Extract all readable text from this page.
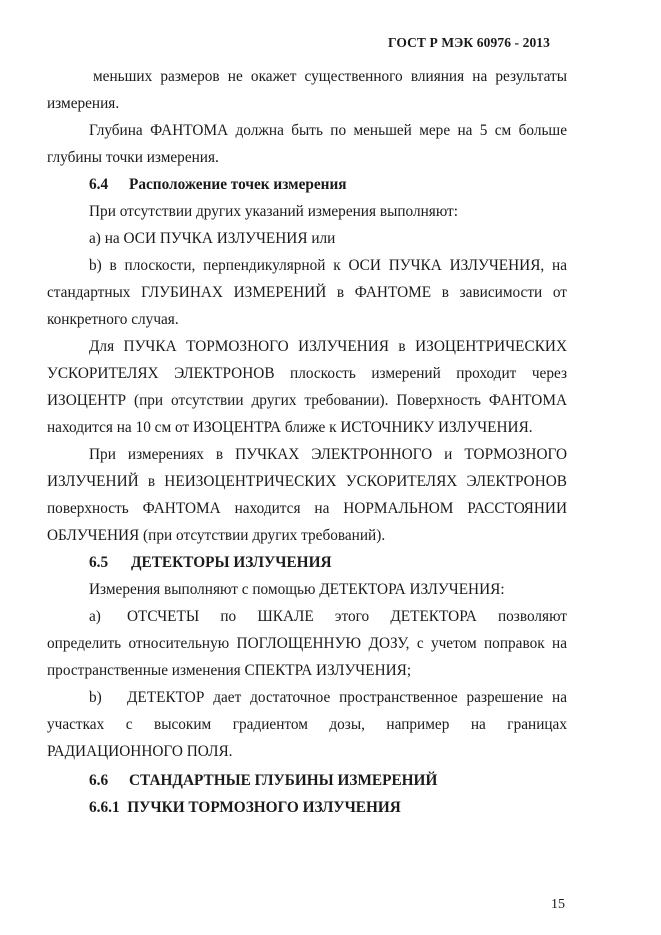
ГОСТ Р МЭК 60976 - 2013

меньших размеров не окажет существенного влияния на результаты измерения.

Глубина ФАНТОМА должна быть по меньшей мере на 5 см больше глубины точки измерения.

6.4 Расположение точек измерения

При отсутствии других указаний измерения выполняют:

а) на ОСИ ПУЧКА ИЗЛУЧЕНИЯ или

b) в плоскости, перпендикулярной к ОСИ ПУЧКА ИЗЛУЧЕНИЯ, на стандартных ГЛУБИНАХ ИЗМЕРЕНИЙ в ФАНТОМЕ в зависимости от конкретного случая.

Для ПУЧКА ТОРМОЗНОГО ИЗЛУЧЕНИЯ в ИЗОЦЕНТРИЧЕСКИХ УСКОРИТЕЛЯХ ЭЛЕКТРОНОВ плоскость измерений проходит через ИЗОЦЕНТР (при отсутствии других требовании). Поверхность ФАНТОМА находится на 10 см от ИЗОЦЕНТРА ближе к ИСТОЧНИКУ ИЗЛУЧЕНИЯ.

При измерениях в ПУЧКАХ ЭЛЕКТРОННОГО и ТОРМОЗНОГО ИЗЛУЧЕНИЙ в НЕИЗОЦЕНТРИЧЕСКИХ УСКОРИТЕЛЯХ ЭЛЕКТРОНОВ поверхность ФАНТОМА находится на НОРМАЛЬНОМ РАССТОЯНИИ ОБЛУЧЕНИЯ (при отсутствии других требований).

6.5 ДЕТЕКТОРЫ ИЗЛУЧЕНИЯ

Измерения выполняют с помощью ДЕТЕКТОРА ИЗЛУЧЕНИЯ:

а)	ОТСЧЕТЫ по ШКАЛЕ этого ДЕТЕКТОРА позволяют

определить относительную ПОГЛОЩЕННУЮ ДОЗУ, с учетом поправок на пространственные изменения СПЕКТРА ИЗЛУЧЕНИЯ;

b)	ДЕТЕКТОР дает достаточное пространственное разрешение на

участках с высоким градиентом дозы, например на границах РАДИАЦИОННОГО ПОЛЯ.

6.6 СТАНДАРТНЫЕ ГЛУБИНЫ ИЗМЕРЕНИЙ

6.6.1 ПУЧКИ ТОРМОЗНОГО ИЗЛУЧЕНИЯ

15
